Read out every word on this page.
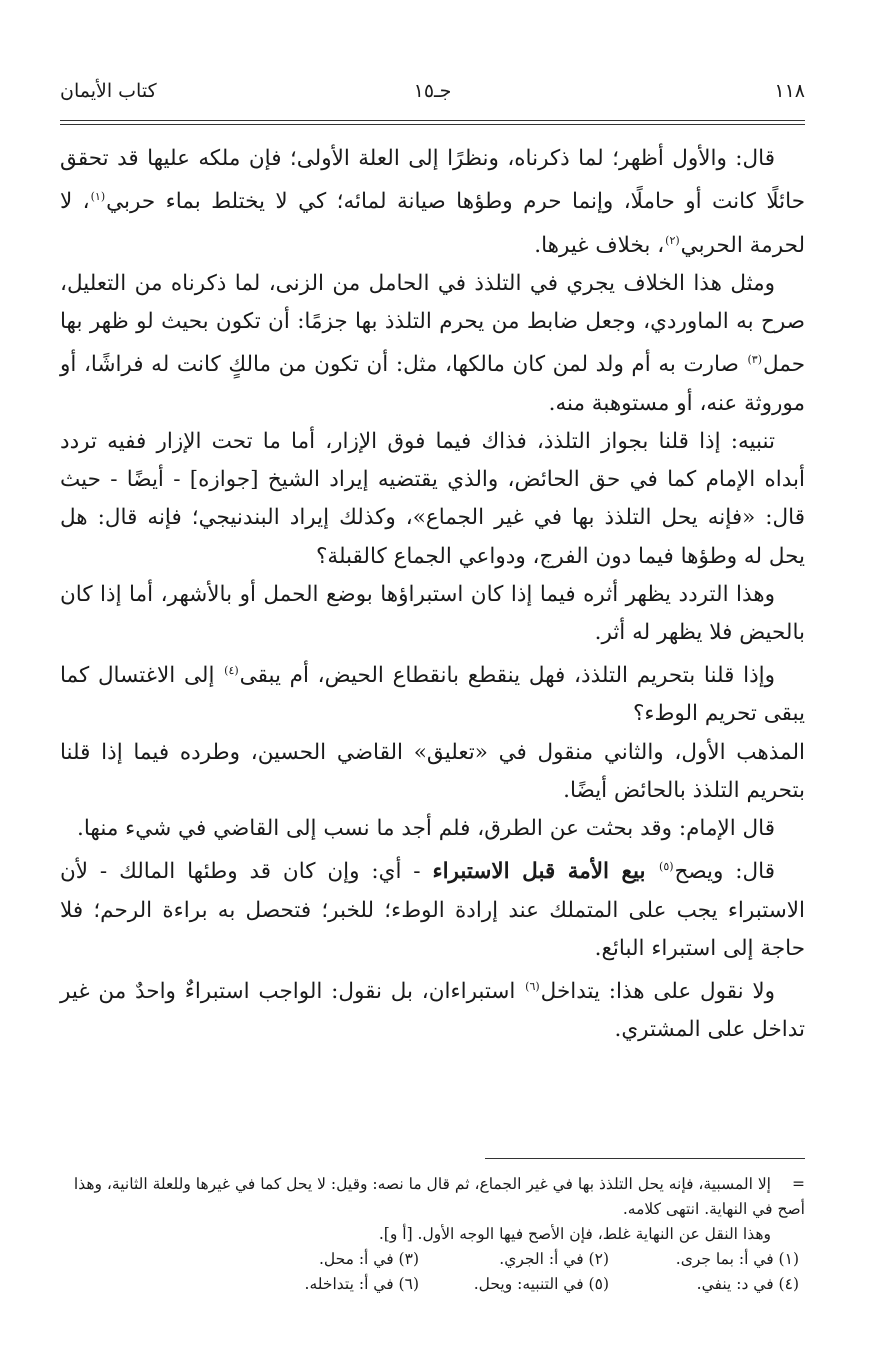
١١٨
جـ١٥
كتاب الأيمان

قال: والأول أظهر؛ لما ذكرناه، ونظرًا إلى العلة الأولى؛ فإن ملكه عليها قد تحقق حائلًا كانت أو حاملًا، وإنما حرم وطؤها صيانة لمائه؛ كي لا يختلط بماء حربي$^{(١)}$، لا لحرمة الحربي$^{(٢)}$، بخلاف غيرها.

ومثل هذا الخلاف يجري في التلذذ في الحامل من الزنى، لما ذكرناه من التعليل، صرح به الماوردي، وجعل ضابط من يحرم التلذذ بها جزمًا: أن تكون بحيث لو ظهر بها حمل$^{(٣)}$ صارت به أم ولد لمن كان مالكها، مثل: أن تكون من مالكٍ كانت له فراشًا، أو موروثة عنه، أو مستوهبة منه.

تنبيه: إذا قلنا بجواز التلذذ، فذاك فيما فوق الإزار، أما ما تحت الإزار ففيه تردد أبداه الإمام كما في حق الحائض، والذي يقتضيه إيراد الشيخ [جوازه] - أيضًا - حيث قال: «فإنه يحل التلذذ بها في غير الجماع»، وكذلك إيراد البندنيجي؛ فإنه قال: هل يحل له وطؤها فيما دون الفرج، ودواعي الجماع كالقبلة؟

وهذا التردد يظهر أثره فيما إذا كان استبراؤها بوضع الحمل أو بالأشهر، أما إذا كان بالحيض فلا يظهر له أثر.

وإذا قلنا بتحريم التلذذ، فهل ينقطع بانقطاع الحيض، أم يبقى$^{(٤)}$ إلى الاغتسال كما يبقى تحريم الوطء؟

المذهب الأول، والثاني منقول في «تعليق» القاضي الحسين، وطرده فيما إذا قلنا بتحريم التلذذ بالحائض أيضًا.

قال الإمام: وقد بحثت عن الطرق، فلم أجد ما نسب إلى القاضي في شيء منها.

قال: ويصح$^{(٥)}$ بيع الأمة قبل الاستبراء - أي: وإن كان قد وطئها المالك - لأن الاستبراء يجب على المتملك عند إرادة الوطء؛ للخبر؛ فتحصل به براءة الرحم؛ فلا حاجة إلى استبراء البائع.

ولا نقول على هذا: يتداخل$^{(٦)}$ استبراءان، بل نقول: الواجب استبراءٌ واحدٌ من غير تداخل على المشتري.

=إلا المسبية، فإنه يحل التلذذ بها في غير الجماع، ثم قال ما نصه: وقيل: لا يحل كما في غيرها وللعلة الثانية، وهذا أصح في النهاية. انتهى كلامه.
وهذا النقل عن النهاية غلط، فإن الأصح فيها الوجه الأول. [أ و].
(١) في أ: بما جرى.
(٢) في أ: الجري.
(٣) في أ: محل.
(٤) في د: ينفي.
(٥) في التنبيه: ويحل.
(٦) في أ: يتداخله.
